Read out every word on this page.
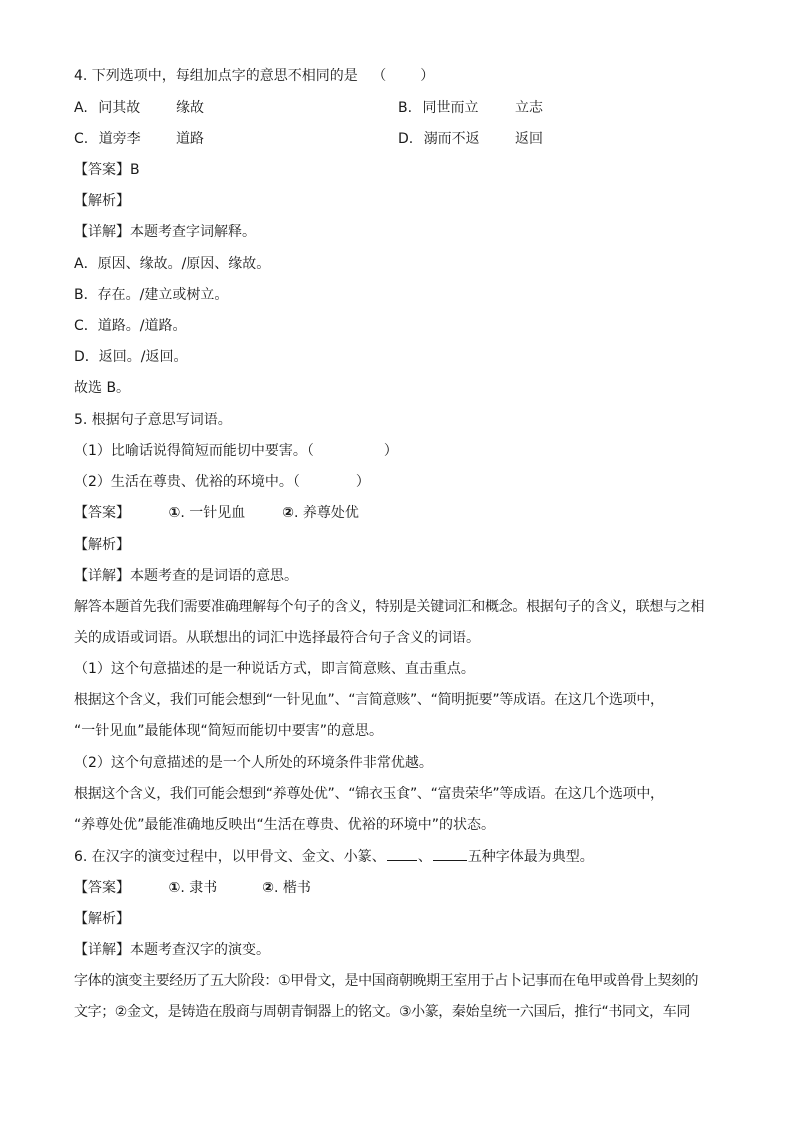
4. 下列选项中，每组加点字的意思不相同的是 （ ）
A. 问其故	缘故	B. 同世而立	立志
C. 道旁李	道路	D. 溺而不返	返回
【答案】B
【解析】
【详解】本题考查字词解释。
A．原因、缘故。/原因、缘故。
B．存在。/建立或树立。
C．道路。/道路。
D．返回。/返回。
故选 B。
5. 根据句子意思写词语。
（1）比喻话说得简短而能切中要害。（	）
（2）生活在尊贵、优裕的环境中。（	）
【答案】	①. 一针见血	②. 养尊处优
【解析】
【详解】本题考查的是词语的意思。
解答本题首先我们需要准确理解每个句子的含义，特别是关键词汇和概念。根据句子的含义，联想与之相
关的成语或词语。从联想出的词汇中选择最符合句子含义的词语。
（1）这个句意描述的是一种说话方式，即言简意赅、直击重点。
根据这个含义，我们可能会想到“一针见血”、“言简意赅”、“简明扼要”等成语。在这几个选项中，
“一针见血”最能体现“简短而能切中要害”的意思。
（2）这个句意描述的是一个人所处的环境条件非常优越。
根据这个含义，我们可能会想到“养尊处优”、“锦衣玉食”、“富贵荣华”等成语。在这几个选项中，
“养尊处优”最能准确地反映出“生活在尊贵、优裕的环境中”的状态。
6. 在汉字的演变过程中，以甲骨文、金文、小篆、 、	五种字体最为典型。
【答案】	①. 隶书	②. 楷书
【解析】
【详解】本题考查汉字的演变。
字体的演变主要经历了五大阶段：①甲骨文，是中国商朝晚期王室用于占卜记事而在龟甲或兽骨上契刻的
文字；②金文，是铸造在殷商与周朝青铜器上的铭文。③小篆，秦始皇统一六国后，推行“书同文，车同
